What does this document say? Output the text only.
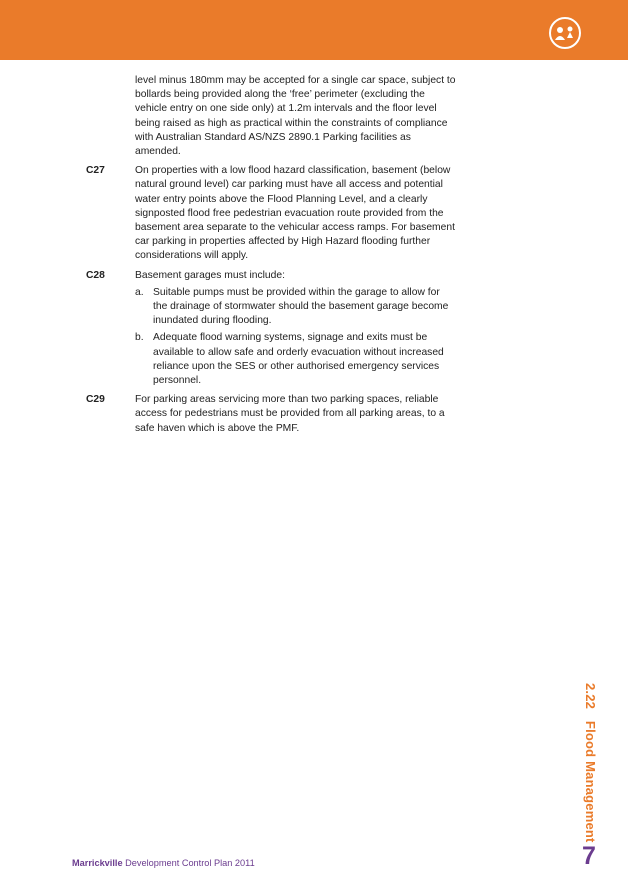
level minus 180mm may be accepted for a single car space, subject to bollards being provided along the ‘free’ perimeter (excluding the vehicle entry on one side only) at 1.2m intervals and the floor level being raised as high as practical within the constraints of compliance with Australian Standard AS/NZS 2890.1 Parking facilities as amended.

C27	On properties with a low flood hazard classification, basement (below natural ground level) car parking must have all access and potential water entry points above the Flood Planning Level, and a clearly signposted flood free pedestrian evacuation route provided from the basement area separate to the vehicular access ramps. For basement car parking in properties affected by High Hazard flooding further considerations will apply.
C28	Basement garages must include:
a. Suitable pumps must be provided within the garage to allow for the drainage of stormwater should the basement garage become inundated during flooding.
b. Adequate flood warning systems, signage and exits must be available to allow safe and orderly evacuation without increased reliance upon the SES or other authorised emergency services personnel.
C29	For parking areas servicing more than two parking spaces, reliable access for pedestrians must be provided from all parking areas, to a safe haven which is above the PMF.
2.22 Flood Management
Marrickville Development Control Plan 2011	7
